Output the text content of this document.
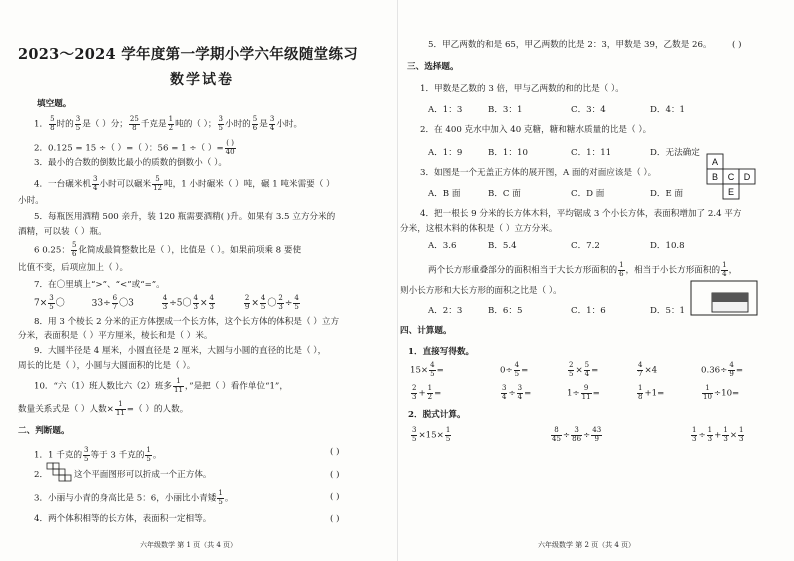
2023～2024 学年度第一学期小学六年级随堂练习
数学试卷
填空题。
1． $\frac{5}{8}$ 时的 $\frac{3}{5}$ 是（ ）分； $\frac{25}{8}$ 千克是 $\frac{1}{2}$ 吨的（ ）； $\frac{3}{5}$ 小时的 $\frac{5}{6}$ 是 $\frac{3}{4}$ 小时。
2．0.125 = 15 ÷（ ）=（ ）：56 = 1 ÷（ ）= $\frac{( )}{40}$
3．最小的合数的倒数比最小的质数的倒数小（ ）。
4．一台碾米机 $\frac{3}{4}$ 小时可以碾米 $\frac{5}{12}$ 吨，1 小时碾米（ ）吨，碾 1 吨米需要（ ）
小时。
5．每瓶医用酒精 500 亲升，装 120 瓶需要酒精( )升。如果有 3.5 立方分米的
酒精，可以装（ ）瓶。
6 0.25： $\frac{5}{6}$ 化简成最简整数比是（ ），比值是（ ）。如果前项乘 8 要使
比值不变，后项应加上（ ）。
7．在〇里填上“>”、“<”或“=”。
$7\times \frac{3}{5}$ 〇	$33\div \frac{6}{7}$ 〇3	$\frac{4}{3} \div 5$〇 $\frac{4}{3} \times \frac{4}{3}$
	$\frac{2}{9} \times \frac{4}{5}$ 〇 $\frac{2}{3} \div \frac{4}{5}$
8．用 3 个棱长 2 分米的正方体摆成一个长方体，这个长方体的体积是（ ）立方
分米，表面积是（ ）平方厘米，棱长和是（ ）米。
9．大圆半径是 4 厘米，小圆直径是 2 厘米，大圆与小圆的直径的比是（ ），
周长的比是（ ），小圆与大圆面积的比是（ ）。
10．“六（1）班人数比六（2）班多 $\frac{1}{11}$ ，”是把（ ）看作单位“1”，
数量关系式是（ ）人数× $\frac{1}{11}$ =（ ）的人数。
二、判断题。
1．1 千克的 $\frac{3}{5}$ 等于 3 千克的 $\frac{1}{5}$ 。	( )
2．	这个平面图形可以折成一个正方体。	( )
3．小丽与小青的身高比是 5：6，小丽比小青矮 $\frac{1}{5}$ 。	( )
4．两个体积相等的长方体，表面积一定相等。	( )
六年级数学 第 1 页（共 4 页）
5．甲乙两数的和是 65，甲乙两数的比是 2：3，甲数是 39，乙数是 26。 ( )
三、选择题。
1．甲数是乙数的 3 倍，甲与乙两数的和的比是（ ）。
A．1：3	B．3：1	C．3：4	D．4：1
2．在 400 克水中加入 40 克糖，糖和糖水质量的比是（ ）。
A．1：9	B．1：10	C．1：11	D．无法确定
3．如图是一个无盖正方体的展开图，A 面的对面应该是（ ）。
A．B 面	B．C 面	C．D 面	D．E 面
A
B C D
E
4．把一根长 9 分米的长方体木料，平均锯成 3 个小长方体，表面积增加了 2.4 平方
分米，这根木料的体积是（ ）立方分米。
A．3.6	B．5.4	C．7.2	D．10.8
两个长方形重叠部分的面积相当于大长方形面积的 $\frac{1}{6}$ ，相当于小长方形面积的 $\frac{1}{4}$ ，
则小长方形和大长方形的面积之比是（ ）。
A．2：3	B．6：5	C．1：6	D．5：1
四、计算题。
1．直接写得数。
$15\times \frac{4}{5}$ =	$0\div \frac{4}{5}$ =	$\frac{2}{5} \times \frac{5}{4}$ =	$\frac{4}{7} \times 4$	$0.36\div \frac{4}{9}$ =
$\frac{2}{3} + \frac{1}{2}$ =	$\frac{3}{4} \div \frac{3}{4}$ =	$1\div \frac{9}{11}$ =	$\frac{1}{8} +1=$	$\frac{1}{10} \div 10=$
2．脱式计算。
$\frac{3}{5} \times 15\times \frac{1}{5}$	$\frac{8}{45} \div \frac{3}{86} \div \frac{43}{9}$	$\frac{1}{3} \div \frac{1}{3} + \frac{1}{3} \times \frac{1}{3}$
六年级数学 第 2 页（共 4 页）
